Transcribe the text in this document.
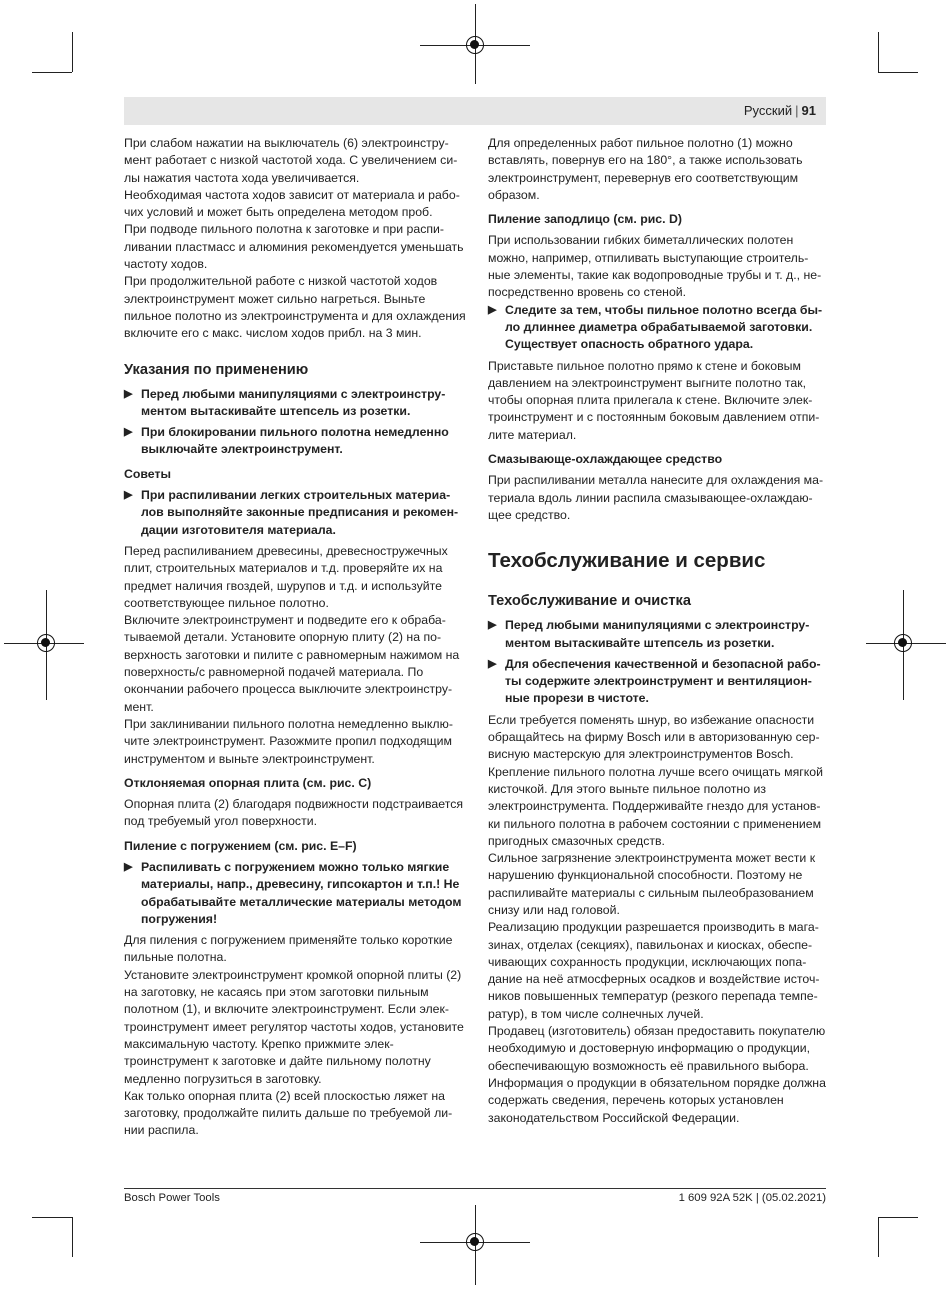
Русский | 91
При слабом нажатии на выключатель (6) электроинструмент работает с низкой частотой хода. С увеличением силы нажатия частота хода увеличивается.
Необходимая частота ходов зависит от материала и рабочих условий и может быть определена методом проб.
При подводе пильного полотна к заготовке и при распиливании пластмасс и алюминия рекомендуется уменьшать частоту ходов.
При продолжительной работе с низкой частотой ходов электроинструмент может сильно нагреться. Выньте пильное полотно из электроинструмента и для охлаждения включите его с макс. числом ходов прибл. на 3 мин.
Указания по применению
▶ Перед любыми манипуляциями с электроинструментом вытаскивайте штепсель из розетки.
▶ При блокировании пильного полотна немедленно выключайте электроинструмент.
Советы
▶ При распиливании легких строительных материалов выполняйте законные предписания и рекомендации изготовителя материала.
Перед распиливанием древесины, древесностружечных плит, строительных материалов и т.д. проверяйте их на предмет наличия гвоздей, шурупов и т.д. и используйте соответствующее пильное полотно.
Включите электроинструмент и подведите его к обрабатываемой детали. Установите опорную плиту (2) на поверхность заготовки и пилите с равномерным нажимом на поверхность/с равномерной подачей материала. По окончании рабочего процесса выключите электроинструмент.
При заклинивании пильного полотна немедленно выключите электроинструмент. Разожмите пропил подходящим инструментом и выньте электроинструмент.
Отклоняемая опорная плита (см. рис. C)
Опорная плита (2) благодаря подвижности подстраивается под требуемый угол поверхности.
Пиление с погружением (см. рис. E–F)
▶ Распиливать с погружением можно только мягкие материалы, напр., древесину, гипсокартон и т.п.! Не обрабатывайте металлические материалы методом погружения!
Для пиления с погружением применяйте только короткие пильные полотна.
Установите электроинструмент кромкой опорной плиты (2) на заготовку, не касаясь при этом заготовки пильным полотном (1), и включите электроинструмент. Если электроинструмент имеет регулятор частоты ходов, установите максимальную частоту. Крепко прижмите электроинструмент к заготовке и дайте пильному полотну медленно погрузиться в заготовку.
Как только опорная плита (2) всей плоскостью ляжет на заготовку, продолжайте пилить дальше по требуемой линии распила.
Для определенных работ пильное полотно (1) можно вставлять, повернув его на 180°, а также использовать электроинструмент, перевернув его соответствующим образом.
Пиление заподлицо (см. рис. D)
При использовании гибких биметаллических полотен можно, например, отпиливать выступающие строительные элементы, такие как водопроводные трубы и т. д., непосредственно вровень со стеной.
▶ Следите за тем, чтобы пильное полотно всегда было длиннее диаметра обрабатываемой заготовки. Существует опасность обратного удара.
Приставьте пильное полотно прямо к стене и боковым давлением на электроинструмент выгните полотно так, чтобы опорная плита прилегала к стене. Включите электроинструмент и с постоянным боковым давлением отпилите материал.
Смазывающе-охлаждающее средство
При распиливании металла нанесите для охлаждения материала вдоль линии распила смазывающее-охлаждающее средство.
Техобслуживание и сервис
Техобслуживание и очистка
▶ Перед любыми манипуляциями с электроинструментом вытаскивайте штепсель из розетки.
▶ Для обеспечения качественной и безопасной работы содержите электроинструмент и вентиляционные прорези в чистоте.
Если требуется поменять шнур, во избежание опасности обращайтесь на фирму Bosch или в авторизованную сервисную мастерскую для электроинструментов Bosch.
Крепление пильного полотна лучше всего очищать мягкой кисточкой. Для этого выньте пильное полотно из электроинструмента. Поддерживайте гнездо для установки пильного полотна в рабочем состоянии с применением пригодных смазочных средств.
Сильное загрязнение электроинструмента может вести к нарушению функциональной способности. Поэтому не распиливайте материалы с сильным пылеобразованием снизу или над головой.
Реализацию продукции разрешается производить в магазинах, отделах (секциях), павильонах и киосках, обеспечивающих сохранность продукции, исключающих попадание на неё атмосферных осадков и воздействие источников повышенных температур (резкого перепада температур), в том числе солнечных лучей.
Продавец (изготовитель) обязан предоставить покупателю необходимую и достоверную информацию о продукции, обеспечивающую возможность её правильного выбора. Информация о продукции в обязательном порядке должна содержать сведения, перечень которых установлен законодательством Российской Федерации.
Bosch Power Tools	1 609 92A 52K | (05.02.2021)
